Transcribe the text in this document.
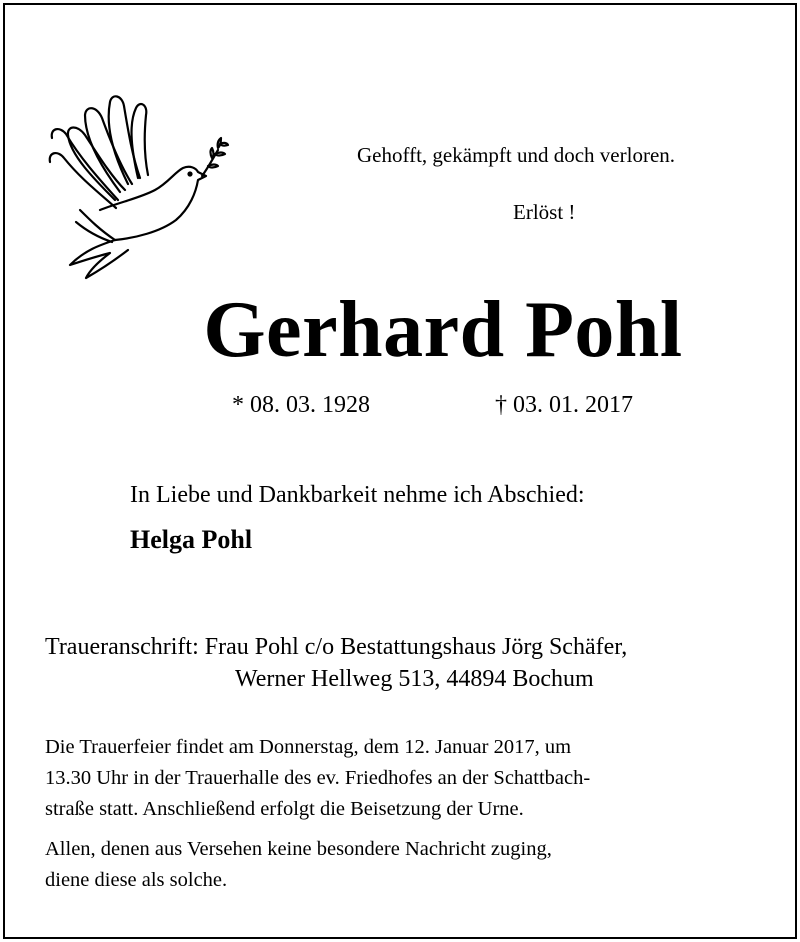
Gehofft, gekämpft und doch verloren.
Erlöst !
Gerhard Pohl
* 08. 03. 1928	† 03. 01. 2017
In Liebe und Dankbarkeit nehme ich Abschied:
Helga Pohl
Traueranschrift: Frau Pohl c/o Bestattungshaus Jörg Schäfer,
Werner Hellweg 513, 44894 Bochum
Die Trauerfeier findet am Donnerstag, dem 12. Januar 2017, um
13.30 Uhr in der Trauerhalle des ev. Friedhofes an der Schattbach-
straße statt. Anschließend erfolgt die Beisetzung der Urne.
Allen, denen aus Versehen keine besondere Nachricht zuging,
diene diese als solche.
